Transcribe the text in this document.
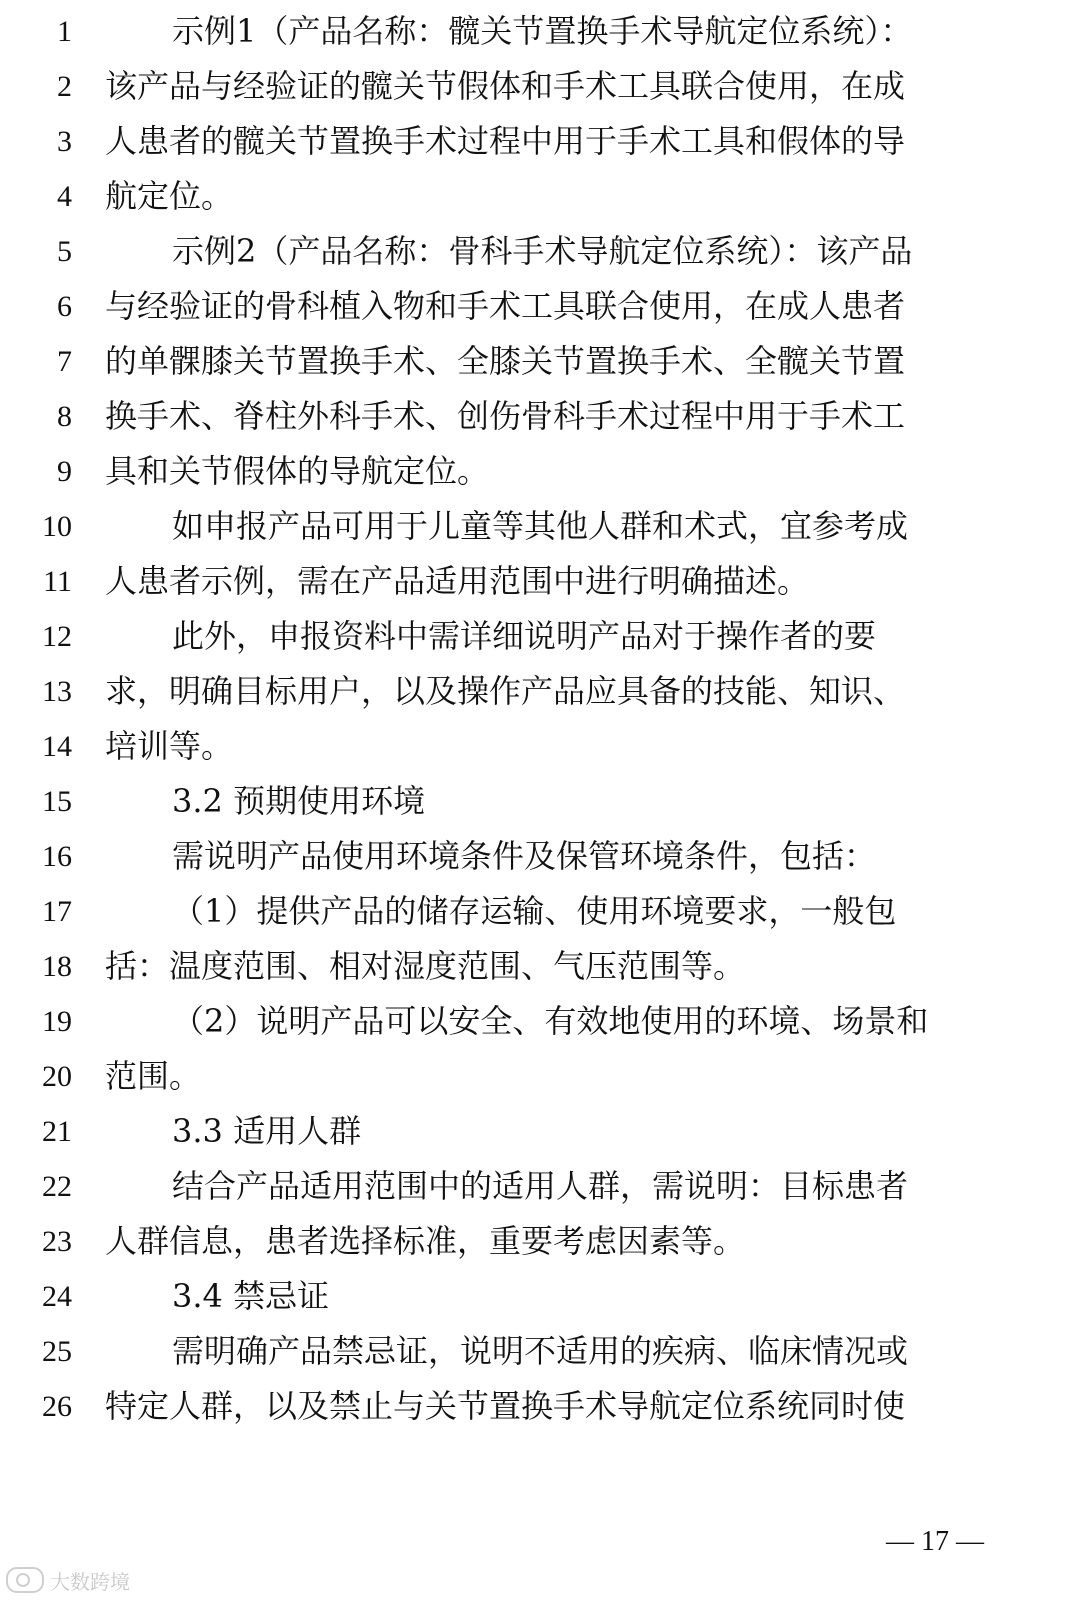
1	示例1（产品名称：髋关节置换手术导航定位系统）：
2 该产品与经验证的髋关节假体和手术工具联合使用，在成
3 人患者的髋关节置换手术过程中用于手术工具和假体的导
4 航定位。
5	示例2（产品名称：骨科手术导航定位系统）：该产品
6 与经验证的骨科植入物和手术工具联合使用，在成人患者
7 的单髁膝关节置换手术、全膝关节置换手术、全髋关节置
8 换手术、脊柱外科手术、创伤骨科手术过程中用于手术工
9 具和关节假体的导航定位。
10	如申报产品可用于儿童等其他人群和术式，宜参考成
11 人患者示例，需在产品适用范围中进行明确描述。
12	此外，申报资料中需详细说明产品对于操作者的要
13 求，明确目标用户，以及操作产品应具备的技能、知识、
14 培训等。
15	3.2 预期使用环境
16	需说明产品使用环境条件及保管环境条件，包括：
17	（1）提供产品的储存运输、使用环境要求，一般包
18 括：温度范围、相对湿度范围、气压范围等。
19	（2）说明产品可以安全、有效地使用的环境、场景和
20 范围。
21	3.3 适用人群
22	结合产品适用范围中的适用人群，需说明：目标患者
23 人群信息，患者选择标准，重要考虑因素等。
24	3.4 禁忌证
25	需明确产品禁忌证，说明不适用的疾病、临床情况或
26 特定人群，以及禁止与关节置换手术导航定位系统同时使
— 17 —
大数跨境
